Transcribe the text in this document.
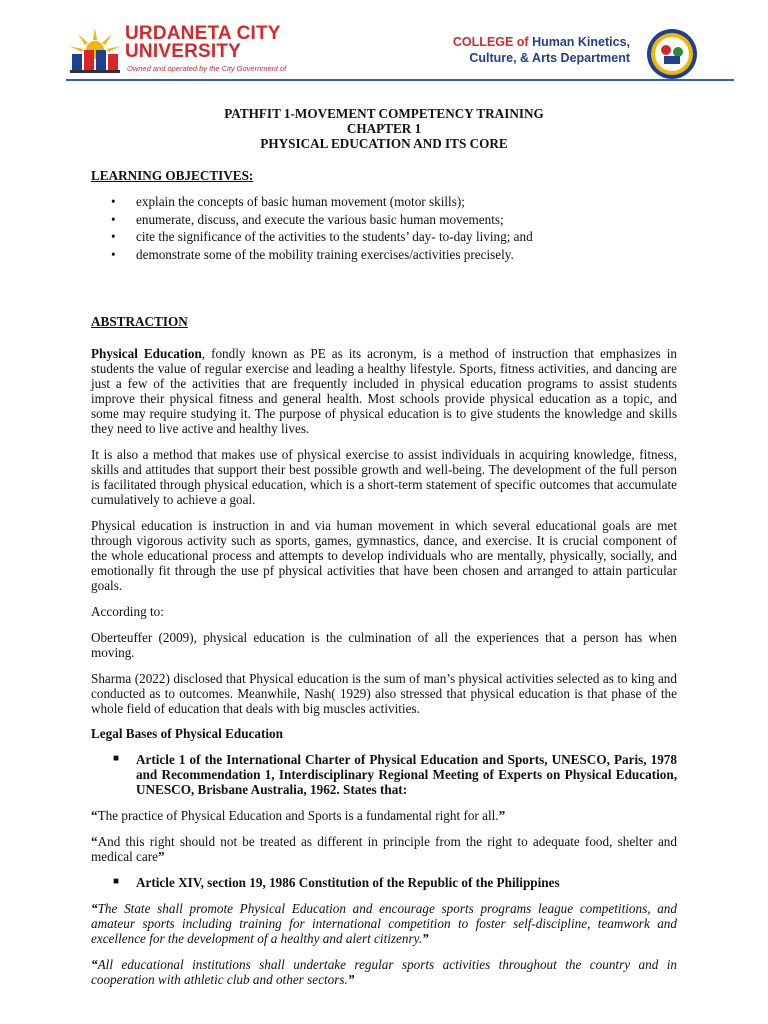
URDANETA CITY
UNIVERSITY
Owned and operated by the City Government of
COLLEGE of Human Kinetics,
Culture, & Arts Department
PATHFIT 1-MOVEMENT COMPETENCY TRAINING
CHAPTER 1
PHYSICAL EDUCATION AND ITS CORE
LEARNING OBJECTIVES:
• explain the concepts of basic human movement (motor skills);
• enumerate, discuss, and execute the various basic human movements;
• cite the significance of the activities to the students’ day- to-day living; and
• demonstrate some of the mobility training exercises/activities precisely.
ABSTRACTION

Physical Education, fondly known as PE as its acronym, is a method of instruction that emphasizes in students the value of regular exercise and leading a healthy lifestyle. Sports, fitness activities, and dancing are just a few of the activities that are frequently included in physical education programs to assist students improve their physical fitness and general health. Most schools provide physical education as a topic, and some may require studying it. The purpose of physical education is to give students the knowledge and skills they need to live active and healthy lives.

It is also a method that makes use of physical exercise to assist individuals in acquiring knowledge, fitness, skills and attitudes that support their best possible growth and well-being. The development of the full person is facilitated through physical education, which is a short-term statement of specific outcomes that accumulate cumulatively to achieve a goal.

Physical education is instruction in and via human movement in which several educational goals are met through vigorous activity such as sports, games, gymnastics, dance, and exercise. It is crucial component of the whole educational process and attempts to develop individuals who are mentally, physically, socially, and emotionally fit through the use pf physical activities that have been chosen and arranged to attain particular goals.

According to:

Oberteuffer (2009), physical education is the culmination of all the experiences that a person has when moving.

Sharma (2022) disclosed that Physical education is the sum of man’s physical activities selected as to king and conducted as to outcomes. Meanwhile, Nash( 1929) also stressed that physical education is that phase of the whole field of education that deals with big muscles activities.

Legal Bases of Physical Education
■ Article 1 of the International Charter of Physical Education and Sports, UNESCO, Paris, 1978 and Recommendation 1, Interdisciplinary Regional Meeting of Experts on Physical Education, UNESCO, Brisbane Australia, 1962. States that:

“The practice of Physical Education and Sports is a fundamental right for all.”

“And this right should not be treated as different in principle from the right to adequate food, shelter and medical care”

■ Article XIV, section 19, 1986 Constitution of the Republic of the Philippines

“The State shall promote Physical Education and encourage sports programs league competitions, and amateur sports including training for international competition to foster self-discipline, teamwork and excellence for the development of a healthy and alert citizenry.”

“All educational institutions shall undertake regular sports activities throughout the country and in cooperation with athletic club and other sectors.”
